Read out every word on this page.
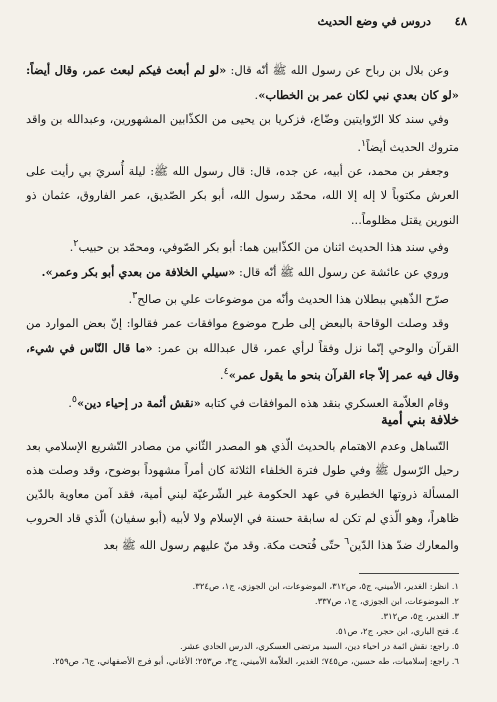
٤٨
دروس في وضع الحديث

وعن بلال بن رباح عن رسول الله ﷺ أنّه قال: «لو لم أبعث فيكم لبعث عمر، وقال أيضاً: «لو كان بعدي نبي لكان عمر بن الخطاب».

وفي سند كلا الرّوايتين وضّاع، فزكريا بن يحيى من الكذّابين المشهورين، وعبدالله بن واقد متروك الحديث أيضاً$^١$.

وجعفر بن محمد، عن أبيه، عن جده، قال: قال رسول الله ﷺ: ليلة أُسريَ بي رأيت على العرش مكتوباً لا إله إلا الله، محمّد رسول الله، أبو بكر الصّديق، عمر الفاروق، عثمان ذو النورين يقتل مظلوماً...

وفي سند هذا الحديث اثنان من الكذّابين هما: أبو بكر الصّوفي، ومحمّد بن حبيب$^٢$.

وروي عن عائشة عن رسول الله ﷺ أنّه قال: «سيلي الخلافة من بعدي أبو بكر وعمر».

صرّح الذّهبي ببطلان هذا الحديث وأنّه من موضوعات علي بن صالح$^٣$.

وقد وصلت الوقاحة بالبعض إلى طرح موضوع موافقات عمر فقالوا: إنّ بعض الموارد من القرآن والوحي إنّما نزل وفقاً لرأي عمر، قال عبدالله بن عمر: «ما قال النّاس في شيء، وقال فيه عمر إلاّ جاء القرآن بنحو ما يقول عمر»$^٤$.

وقام العلاّمة العسكري بنقد هذه الموافقات في كتابه «نقش أئمة در إحياء دين»$^٥$.

خلافة بني أمية

التّساهل وعدم الاهتمام بالحديث الّذي هو المصدر الثّاني من مصادر التّشريع الإسلامي بعد رحيل الرّسول ﷺ وفي طول فترة الخلفاء الثلاثة كان أمراً مشهوداً بوضوح، وقد وصلت هذه المسألة ذروتها الخطيرة في عهد الحكومة غير الشّرعيّة لبني أمية، فقد آمن معاوية بالدّين ظاهراً، وهو الّذي لم تكن له سابقة حسنة في الإسلام ولا لأبيه (أبو سفيان) الّذي قاد الحروب والمعارك ضدّ هذا الدّين$^٦$ حتّى فُتحت مكة. وقد منّ عليهم رسول الله ﷺ بعد

١. انظر: الغدير، الأميني، ج٥، ص٣١٢، الموضوعات، ابن الجوزي، ج١، ص٣٢٤.
٢. الموضوعات، ابن الجوزي، ج١، ص٣٣٧.
٣. الغدير، ج٥، ص٣١٢.
٤. فتح الباري، ابن حجر، ج٢، ص٥١.
٥. راجع: نقش ائمة در احياء دين، السيد مرتضى العسكري، الدرس الحادي عشر.
٦. راجع: إسلاميات، طه حسين، ص٧٤٥؛ الغدير، العلاّمة الأميني، ج٣، ص٢٥٣؛ الأغاني، أبو فرج الأصفهاني، ج٦، ص٢٥٩.
